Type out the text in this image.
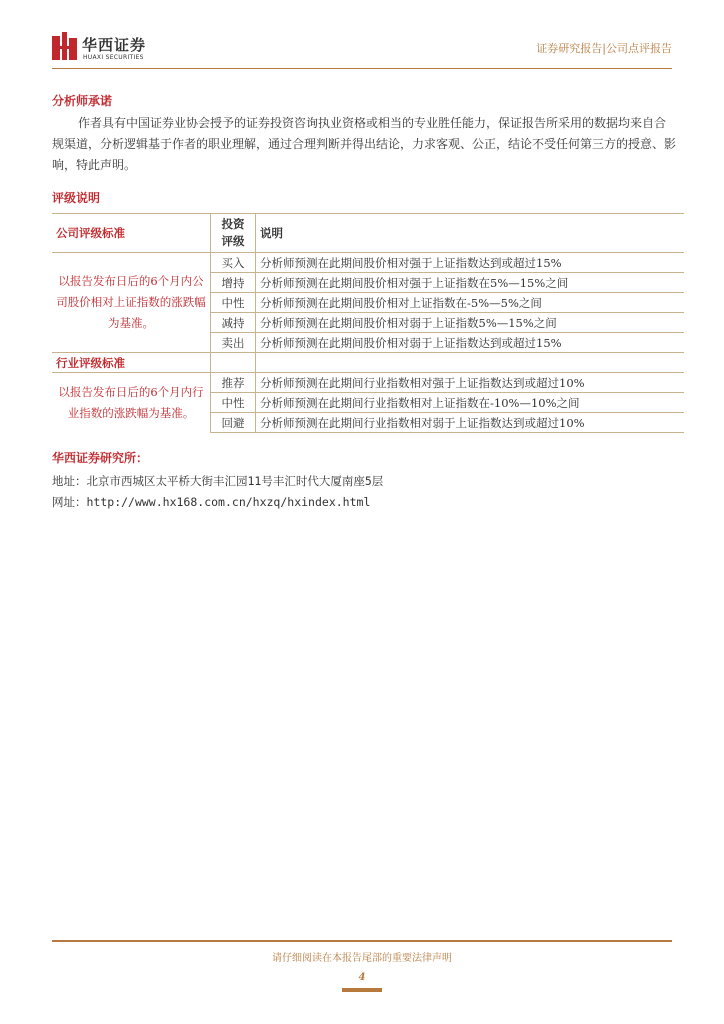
华西证券
HUAXI SECURITIES
证券研究报告|公司点评报告
分析师承诺
作者具有中国证券业协会授予的证券投资咨询执业资格或相当的专业胜任能力，保证报告所采用的数据均来自合规渠道，分析逻辑基于作者的职业理解，通过合理判断并得出结论，力求客观、公正，结论不受任何第三方的授意、影响，特此声明。
评级说明
公司评级标准	投资评级	说明
以报告发布日后的6个月内公司股价相对上证指数的涨跌幅为基准。	买入	分析师预测在此期间股价相对强于上证指数达到或超过15%
	增持	分析师预测在此期间股价相对强于上证指数在5%—15%之间
	中性	分析师预测在此期间股价相对上证指数在-5%—5%之间
	减持	分析师预测在此期间股价相对弱于上证指数5%—15%之间
	卖出	分析师预测在此期间股价相对弱于上证指数达到或超过15%
行业评级标准		
以报告发布日后的6个月内行业指数的涨跌幅为基准。	推荐	分析师预测在此期间行业指数相对强于上证指数达到或超过10%
	中性	分析师预测在此期间行业指数相对上证指数在-10%—10%之间
	回避	分析师预测在此期间行业指数相对弱于上证指数达到或超过10%
华西证券研究所：
地址：北京市西城区太平桥大街丰汇园11号丰汇时代大厦南座5层
网址：http://www.hx168.com.cn/hxzq/hxindex.html
请仔细阅读在本报告尾部的重要法律声明
4
